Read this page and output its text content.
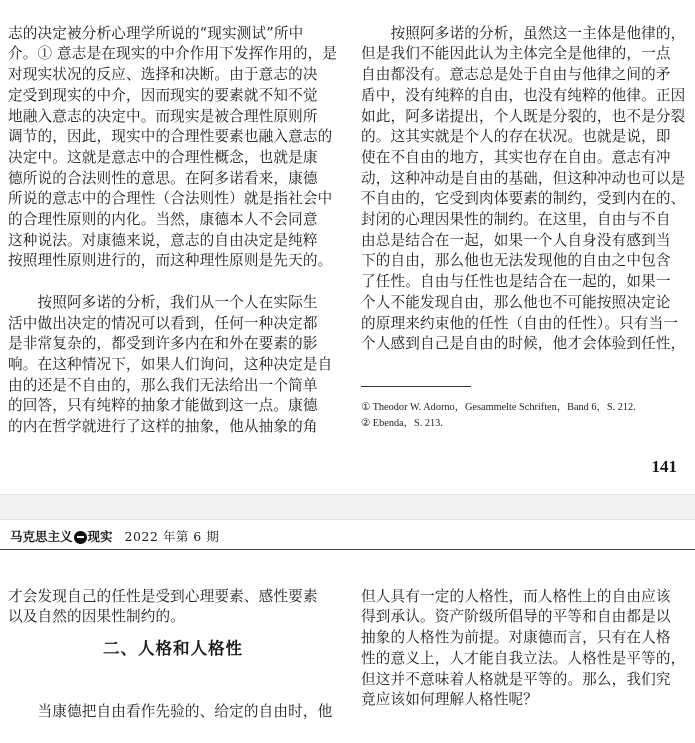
志的决定被分析心理学所说的“现实测试”所中
介。① 意志是在现实的中介作用下发挥作用的，是
对现实状况的反应、选择和决断。由于意志的决
定受到现实的中介，因而现实的要素就不知不觉
地融入意志的决定中。而现实是被合理性原则所
调节的，因此，现实中的合理性要素也融入意志的
决定中。这就是意志中的合理性概念，也就是康
德所说的合法则性的意思。在阿多诺看来，康德
所说的意志中的合理性（合法则性）就是指社会中
的合理性原则的内化。当然，康德本人不会同意
这种说法。对康德来说，意志的自由决定是纯粹
按照理性原则进行的，而这种理性原则是先天的。

　　按照阿多诺的分析，我们从一个人在实际生
活中做出决定的情况可以看到，任何一种决定都
是非常复杂的，都受到许多内在和外在要素的影
响。在这种情况下，如果人们询问，这种决定是自
由的还是不自由的，那么我们无法给出一个简单
的回答，只有纯粹的抽象才能做到这一点。康德
的内在哲学就进行了这样的抽象，他从抽象的角

　　按照阿多诺的分析，虽然这一主体是他律的，
但是我们不能因此认为主体完全是他律的，一点
自由都没有。意志总是处于自由与他律之间的矛
盾中，没有纯粹的自由，也没有纯粹的他律。正因
如此，阿多诺提出，个人既是分裂的，也不是分裂
的。这其实就是个人的存在状况。也就是说，即
使在不自由的地方，其实也存在自由。意志有冲
动，这种冲动是自由的基础，但这种冲动也可以是
不自由的，它受到肉体要素的制约，受到内在的、
封闭的心理因果性的制约。在这里，自由与不自
由总是结合在一起，如果一个人自身没有感到当
下的自由，那么他也无法发现他的自由之中包含
了任性。自由与任性也是结合在一起的，如果一
个人不能发现自由，那么他也不可能按照决定论
的原理来约束他的任性（自由的任性）。只有当一
个人感到自己是自由的时候，他才会体验到任性，

① Theodor W. Adorno，Gesammelte Schriften，Band 6，S. 212.
② Ebenda，S. 213.
141
马克思主义 现实 2022 年第 6 期

才会发现自己的任性是受到心理要素、感性要素
以及自然的因果性制约的。

二、人格和人格性

　　当康德把自由看作先验的、给定的自由时，他

但人具有一定的人格性，而人格性上的自由应该
得到承认。资产阶级所倡导的平等和自由都是以
抽象的人格性为前提。对康德而言，只有在人格
性的意义上，人才能自我立法。人格性是平等的，
但这并不意味着人格就是平等的。那么，我们究
竟应该如何理解人格性呢？
